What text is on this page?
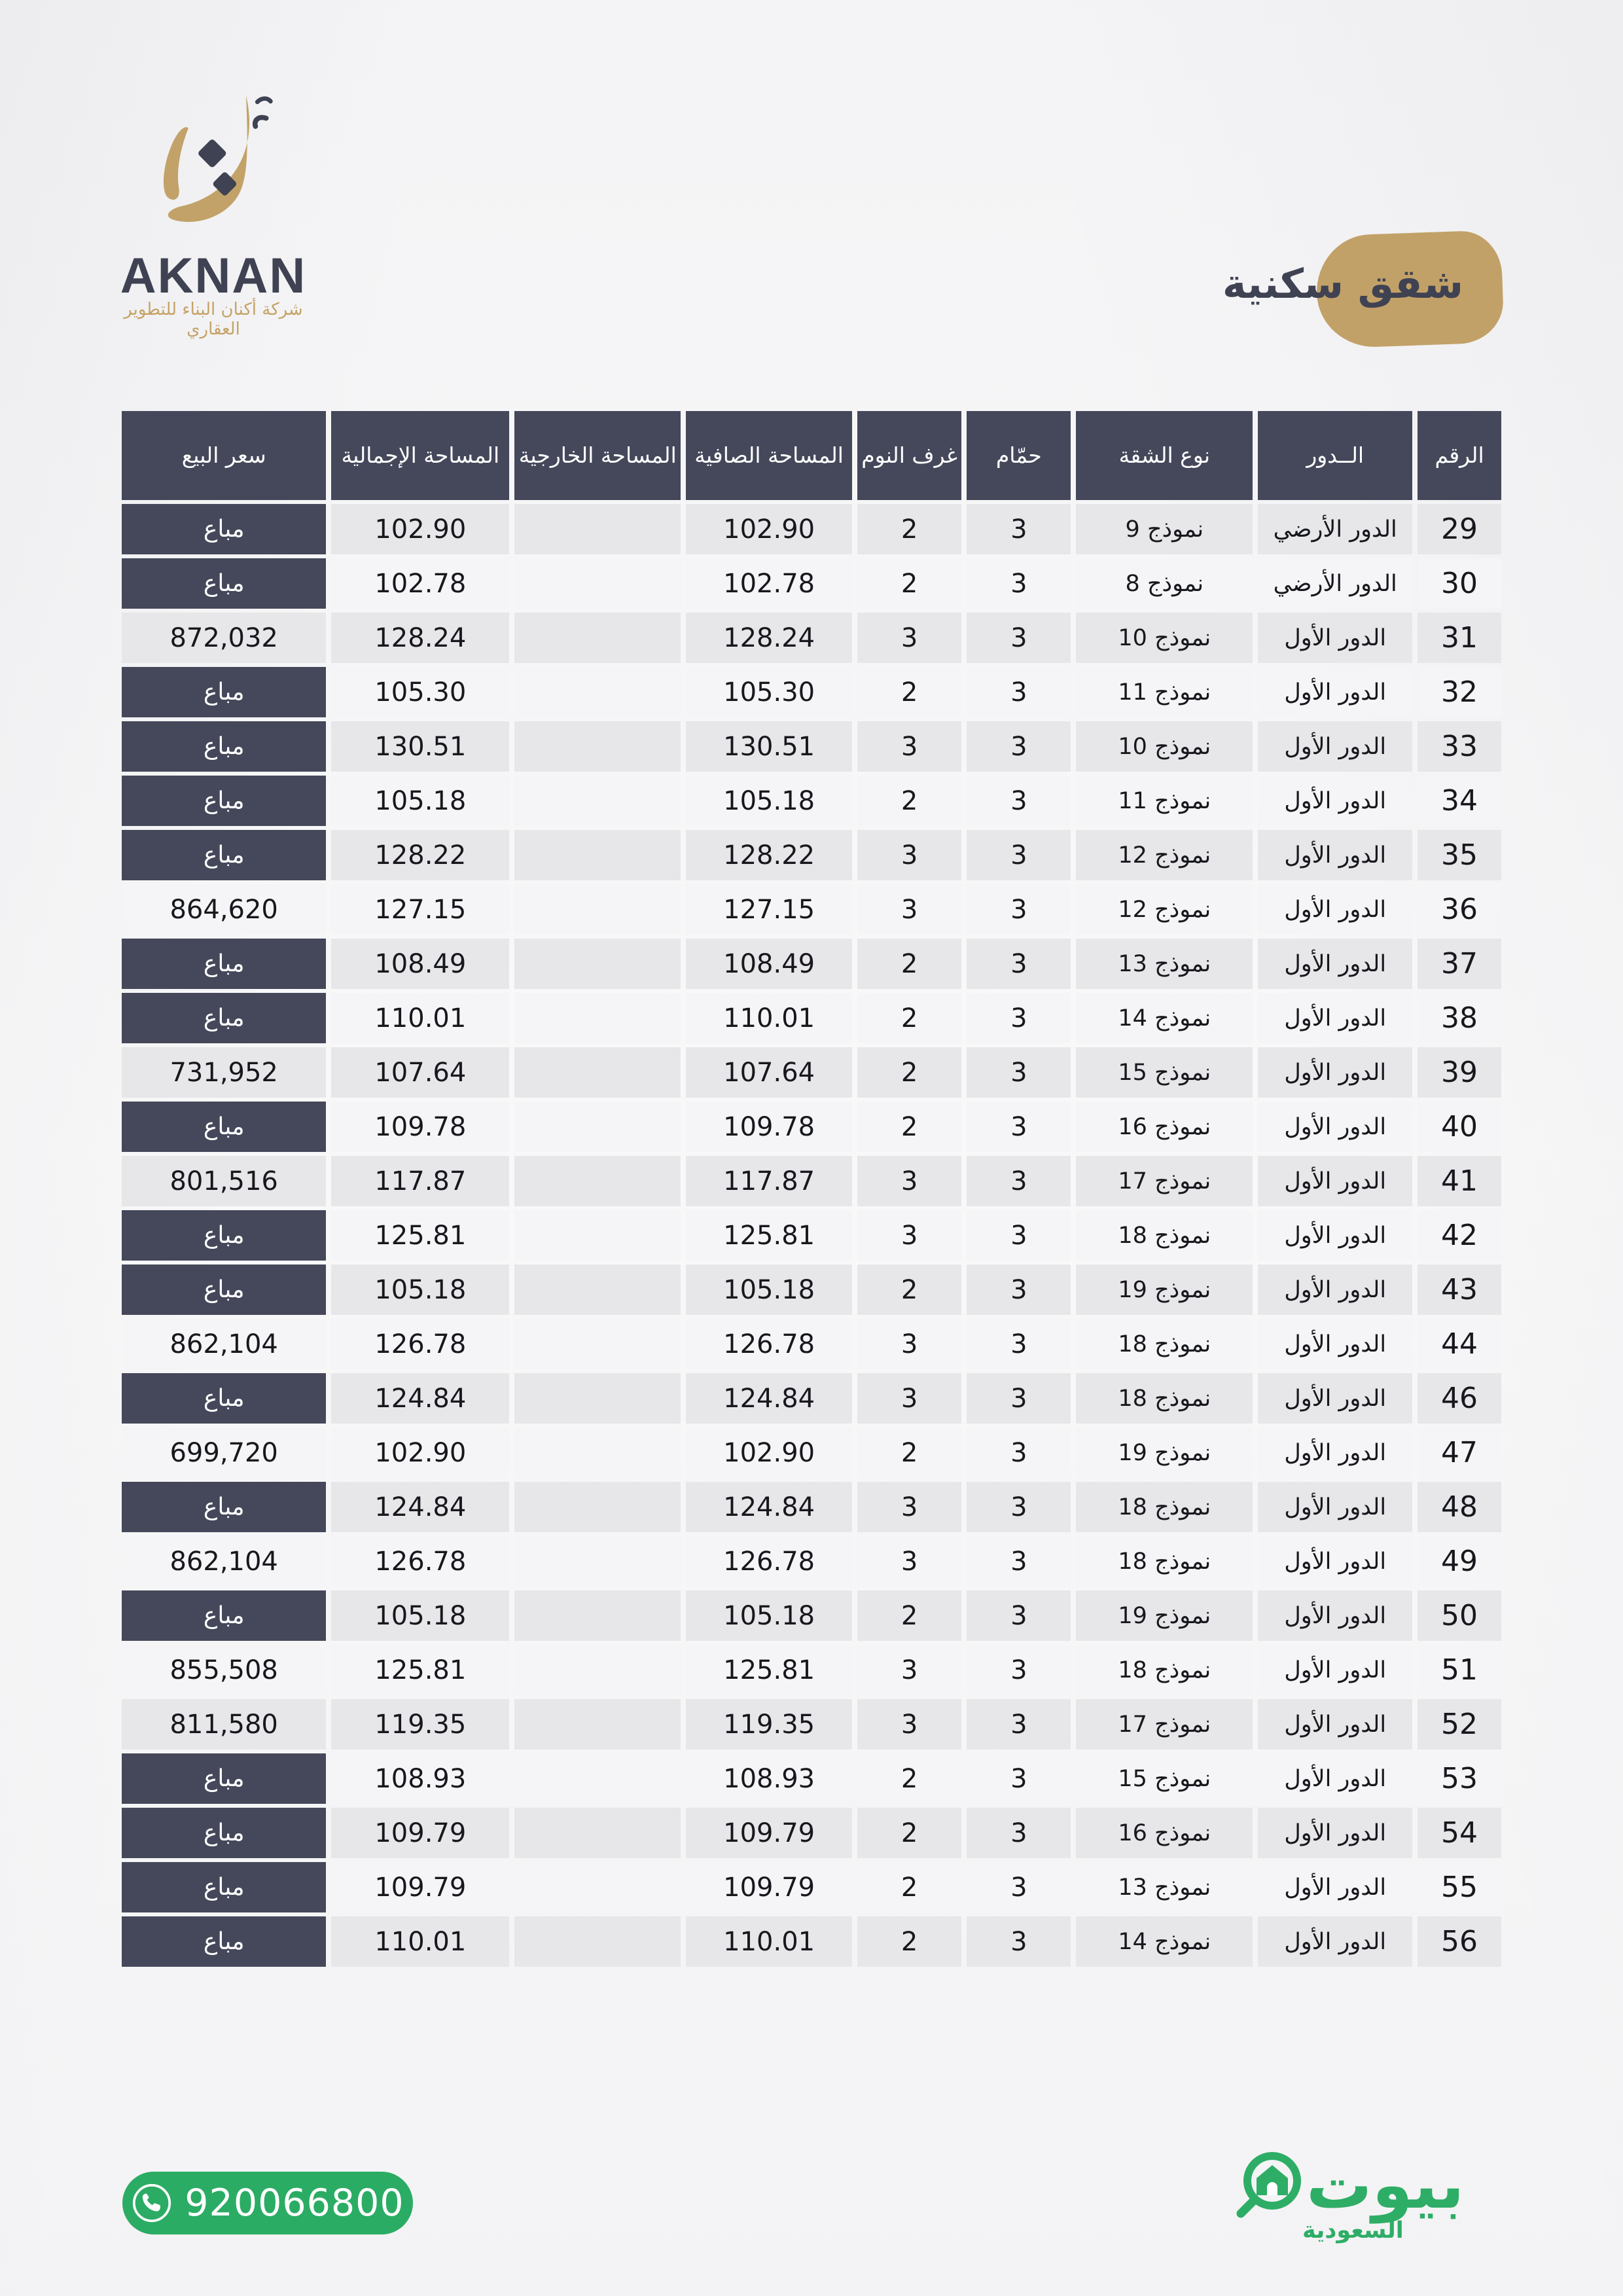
AKNAN
شركة أكنان البناء للتطوير العقاري
شقق سكنية
الرقم	الــدور	نوع الشقة	حمّام	غرف النوم	المساحة الصافية	المساحة الخارجية	المساحة الإجمالية	سعر البيع
29	الدور الأرضي	نموذج 9	3	2	102.90		102.90	مباع
30	الدور الأرضي	نموذج 8	3	2	102.78		102.78	مباع
31	الدور الأول	نموذج 10	3	3	128.24		128.24	872,032
32	الدور الأول	نموذج 11	3	2	105.30		105.30	مباع
33	الدور الأول	نموذج 10	3	3	130.51		130.51	مباع
34	الدور الأول	نموذج 11	3	2	105.18		105.18	مباع
35	الدور الأول	نموذج 12	3	3	128.22		128.22	مباع
36	الدور الأول	نموذج 12	3	3	127.15		127.15	864,620
37	الدور الأول	نموذج 13	3	2	108.49		108.49	مباع
38	الدور الأول	نموذج 14	3	2	110.01		110.01	مباع
39	الدور الأول	نموذج 15	3	2	107.64		107.64	731,952
40	الدور الأول	نموذج 16	3	2	109.78		109.78	مباع
41	الدور الأول	نموذج 17	3	3	117.87		117.87	801,516
42	الدور الأول	نموذج 18	3	3	125.81		125.81	مباع
43	الدور الأول	نموذج 19	3	2	105.18		105.18	مباع
44	الدور الأول	نموذج 18	3	3	126.78		126.78	862,104
46	الدور الأول	نموذج 18	3	3	124.84		124.84	مباع
47	الدور الأول	نموذج 19	3	2	102.90		102.90	699,720
48	الدور الأول	نموذج 18	3	3	124.84		124.84	مباع
49	الدور الأول	نموذج 18	3	3	126.78		126.78	862,104
50	الدور الأول	نموذج 19	3	2	105.18		105.18	مباع
51	الدور الأول	نموذج 18	3	3	125.81		125.81	855,508
52	الدور الأول	نموذج 17	3	3	119.35		119.35	811,580
53	الدور الأول	نموذج 15	3	2	108.93		108.93	مباع
54	الدور الأول	نموذج 16	3	2	109.79		109.79	مباع
55	الدور الأول	نموذج 13	3	2	109.79		109.79	مباع
56	الدور الأول	نموذج 14	3	2	110.01		110.01	مباع
920066800	بيوت
السعودية
